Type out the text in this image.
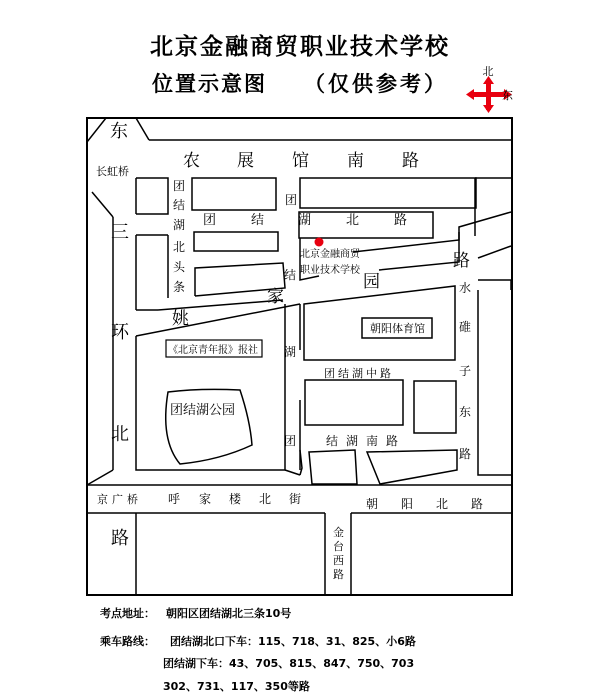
北京金融商贸职业技术学校
位置示意图 （仅供参考）	北
东
东
长虹桥
农 展 馆 南 路
三
环
北
路
团
结
湖
北
头
条
团	结	湖	北	路
团
结
湖
姚
家
园
路
水
碓
子
东
路
团结湖中路
团 结 湖 南 路
京广桥 呼 家 楼 北 街	朝 阳 北 路
金
台
西
路
北京金融商贸
职业技术学校
朝阳体育馆
《北京青年报》报社
团结湖公园
考点地址： 朝阳区团结湖北三条10号
乘车路线： 团结湖北口下车：115、718、31、825、小6路
团结湖下车：43、705、815、847、750、703
302、731、117、350等路
